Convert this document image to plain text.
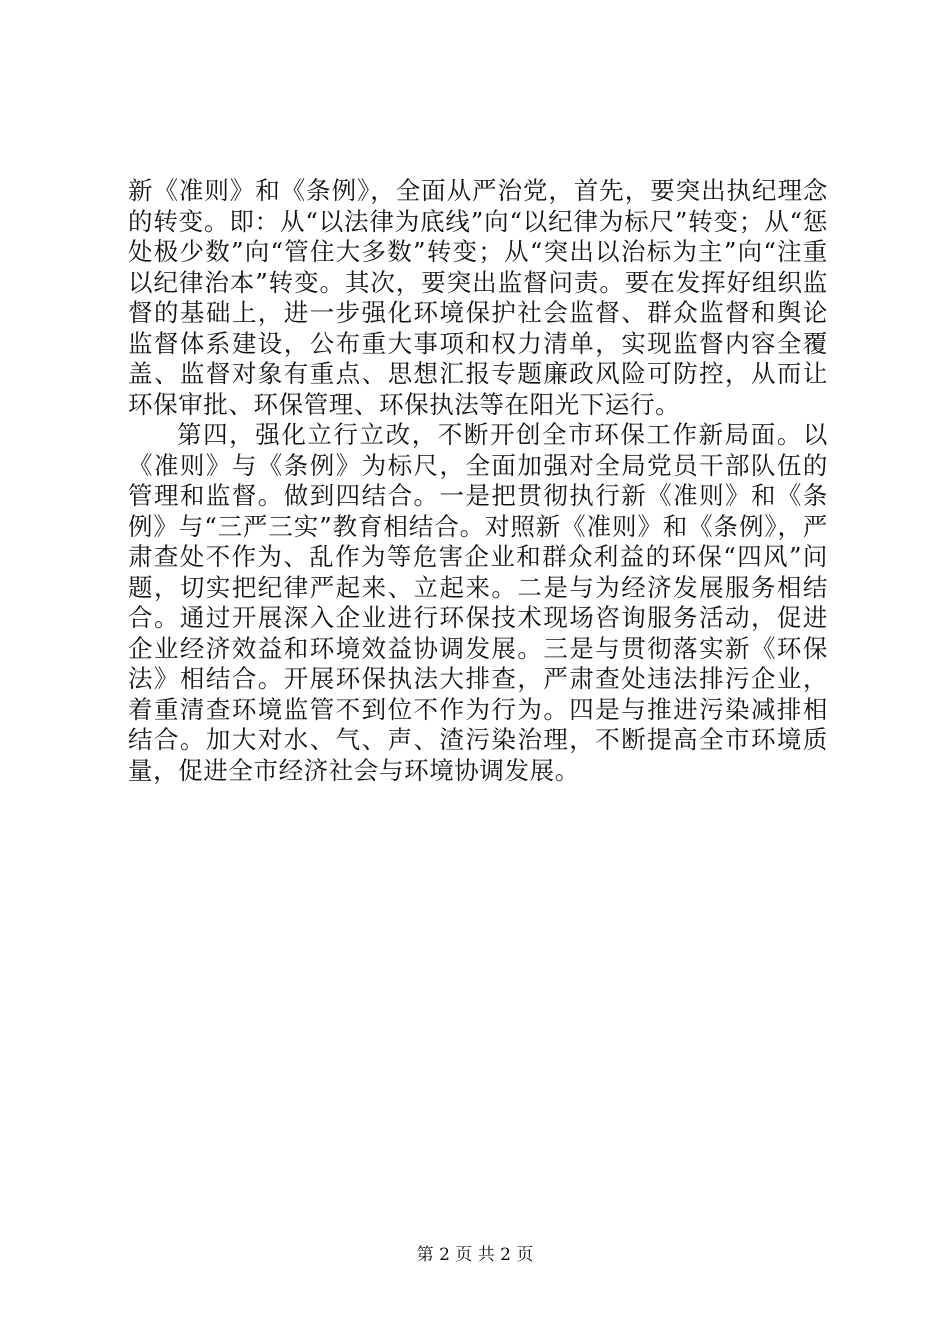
新《准则》和《条例》，全面从严治党，首先，要突出执纪理念的转变。即：从“以法律为底线”向“以纪律为标尺”转变；从“惩处极少数”向“管住大多数”转变；从“突出以治标为主”向“注重以纪律治本”转变。其次，要突出监督问责。要在发挥好组织监督的基础上，进一步强化环境保护社会监督、群众监督和舆论监督体系建设，公布重大事项和权力清单，实现监督内容全覆盖、监督对象有重点、思想汇报专题廉政风险可防控，从而让环保审批、环保管理、环保执法等在阳光下运行。

第四，强化立行立改，不断开创全市环保工作新局面。以《准则》与《条例》为标尺，全面加强对全局党员干部队伍的管理和监督。做到四结合。一是把贯彻执行新《准则》和《条例》与“三严三实”教育相结合。对照新《准则》和《条例》，严肃查处不作为、乱作为等危害企业和群众利益的环保“四风”问题，切实把纪律严起来、立起来。二是与为经济发展服务相结合。通过开展深入企业进行环保技术现场咨询服务活动，促进企业经济效益和环境效益协调发展。三是与贯彻落实新《环保法》相结合。开展环保执法大排查，严肃查处违法排污企业，着重清查环境监管不到位不作为行为。四是与推进污染减排相结合。加大对水、气、声、渣污染治理，不断提高全市环境质量，促进全市经济社会与环境协调发展。

第 2 页 共 2 页
